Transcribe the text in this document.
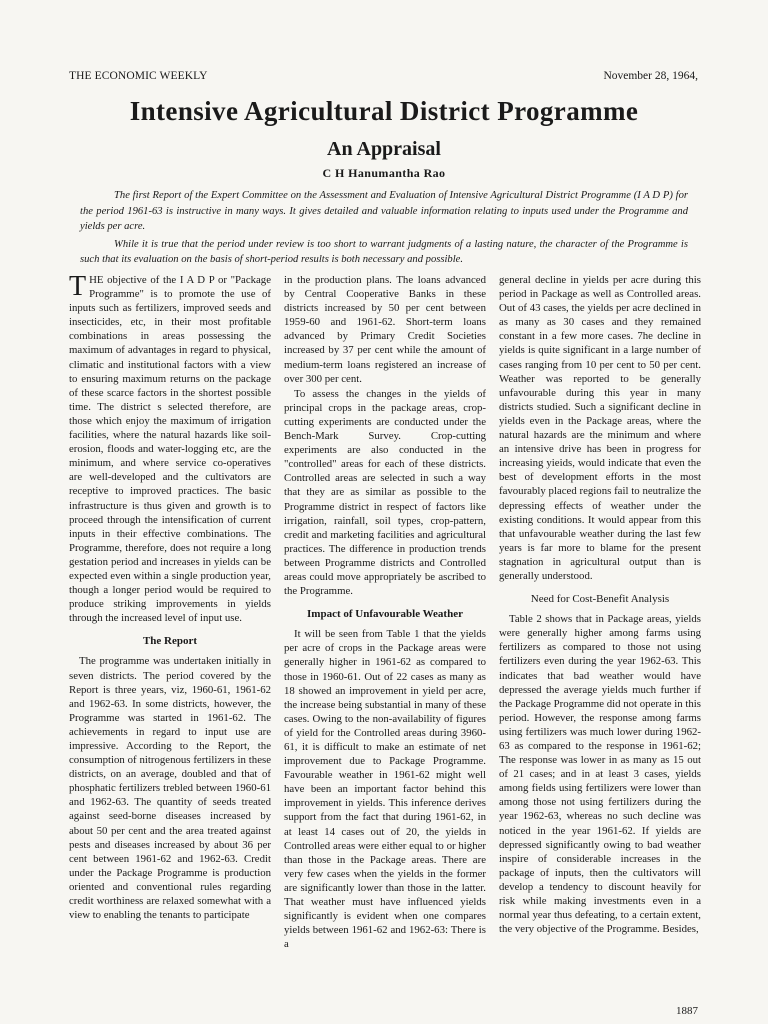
THE ECONOMIC WEEKLY	November 28, 1964,
Intensive Agricultural District Programme
An Appraisal
C H Hanumantha Rao

The first Report of the Expert Committee on the Assessment and Evaluation of Intensive Agricultural District Programme (I A D P) for the period 1961-63 is instructive in many ways. It gives detailed and valuable information relating to inputs used under the Programme and yields per acre.

While it is true that the period under review is too short to warrant judgments of a lasting nature, the character of the Programme is such that its evaluation on the basis of short-period results is both necessary and possible.

THE objective of the I A D P or "Package Programme" is to promote the use of inputs such as fertilizers, improved seeds and insecticides, etc, in their most profitable combinations in areas possessing the maximum of advantages in regard to physical, climatic and institutional factors with a view to ensuring maximum returns on the package of these scarce factors in the shortest possible time. The district s selected therefore, are those which enjoy the maximum of irrigation facilities, where the natural hazards like soil-erosion, floods and water-logging etc, are the minimum, and where service co-operatives are well-developed and the cultivators are receptive to improved practices. The basic infrastructure is thus given and growth is to proceed through the intensification of current inputs in their effective combinations. The Programme, therefore, does not require a long gestation period and increases in yields can be expected even within a single production year, though a longer period would be required to produce striking improvements in yields through the increased level of input use.

The Report

The programme was undertaken initially in seven districts. The period covered by the Report is three years, viz, 1960-61, 1961-62 and 1962-63. In some districts, however, the Programme was started in 1961-62. The achievements in regard to input use are impressive. According to the Report, the consumption of nitrogenous fertilizers in these districts, on an average, doubled and that of phosphatic fertilizers trebled between 1960-61 and 1962-63. The quantity of seeds treated against seed-borne diseases increased by about 50 per cent and the area treated against pests and diseases increased by about 36 per cent between 1961-62 and 1962-63. Credit under the Package Programme is production oriented and conventional rules regarding credit worthiness are relaxed somewhat with a view to enabling the tenants to participate

in the production plans. The loans advanced by Central Cooperative Banks in these districts increased by 50 per cent between 1959-60 and 1961-62. Short-term loans advanced by Primary Credit Societies increased by 37 per cent while the amount of medium-term loans registered an increase of over 300 per cent.

To assess the changes in the yields of principal crops in the package areas, crop-cutting experiments are conducted under the Bench-Mark Survey. Crop-cutting experiments are also conducted in the "controlled" areas for each of these districts. Controlled areas are selected in such a way that they are as similar as possible to the Programme district in respect of factors like irrigation, rainfall, soil types, crop-pattern, credit and marketing facilities and agricultural practices. The difference in production trends between Programme districts and Controlled areas could move appropriately be ascribed to the Programme.

Impact of Unfavourable Weather

It will be seen from Table 1 that the yields per acre of crops in the Package areas were generally higher in 1961-62 as compared to those in 1960-61. Out of 22 cases as many as 18 showed an improvement in yield per acre, the increase being substantial in many of these cases. Owing to the non-availability of figures of yield for the Controlled areas during 3960-61, it is difficult to make an estimate of net improvement due to Package Programme. Favourable weather in 1961-62 might well have been an important factor behind this improvement in yields. This inference derives support from the fact that during 1961-62, in at least 14 cases out of 20, the yields in Controlled areas were either equal to or higher than those in the Package areas. There are very few cases when the yields in the former are significantly lower than those in the latter. That weather must have influenced yields significantly is evident when one compares yields between 1961-62 and 1962-63: There is a

general decline in yields per acre during this period in Package as well as Controlled areas. Out of 43 cases, the yields per acre declined in as many as 30 cases and they remained constant in a few more cases. 7he decline in yields is quite significant in a large number of cases ranging from 10 per cent to 50 per cent. Weather was reported to be generally unfavourable during this year in many districts studied. Such a significant decline in yields even in the Package areas, where the natural hazards are the minimum and where an intensive drive has been in progress for increasing yieids, would indicate that even the best of development efforts in the most favourably placed regions fail to neutralize the depressing effects of weather under the existing conditions. It would appear from this that unfavourable weather during the last few years is far more to blame for the present stagnation in agricultural output than is generally understood.

Need for Cost-Benefit Analysis

Table 2 shows that in Package areas, yields were generally higher among farms using fertilizers as compared to those not using fertilizers even during the year 1962-63. This indicates that bad weather would have depressed the average yields much further if the Package Programme did not operate in this period. However, the response among farms using fertilizers was much lower during 1962-63 as compared to the response in 1961-62; The response was lower in as many as 15 out of 21 cases; and in at least 3 cases, yields among fields using fertilizers were lower than among those not using fertilizers during the year 1962-63, whereas no such decline was noticed in the year 1961-62. If yields are depressed significantly owing to bad weather inspire of considerable increases in the package of inputs, then the cultivators will develop a tendency to discount heavily for risk while making investments even in a normal year thus defeating, to a certain extent, the very objective of the Programme. Besides,

1887
